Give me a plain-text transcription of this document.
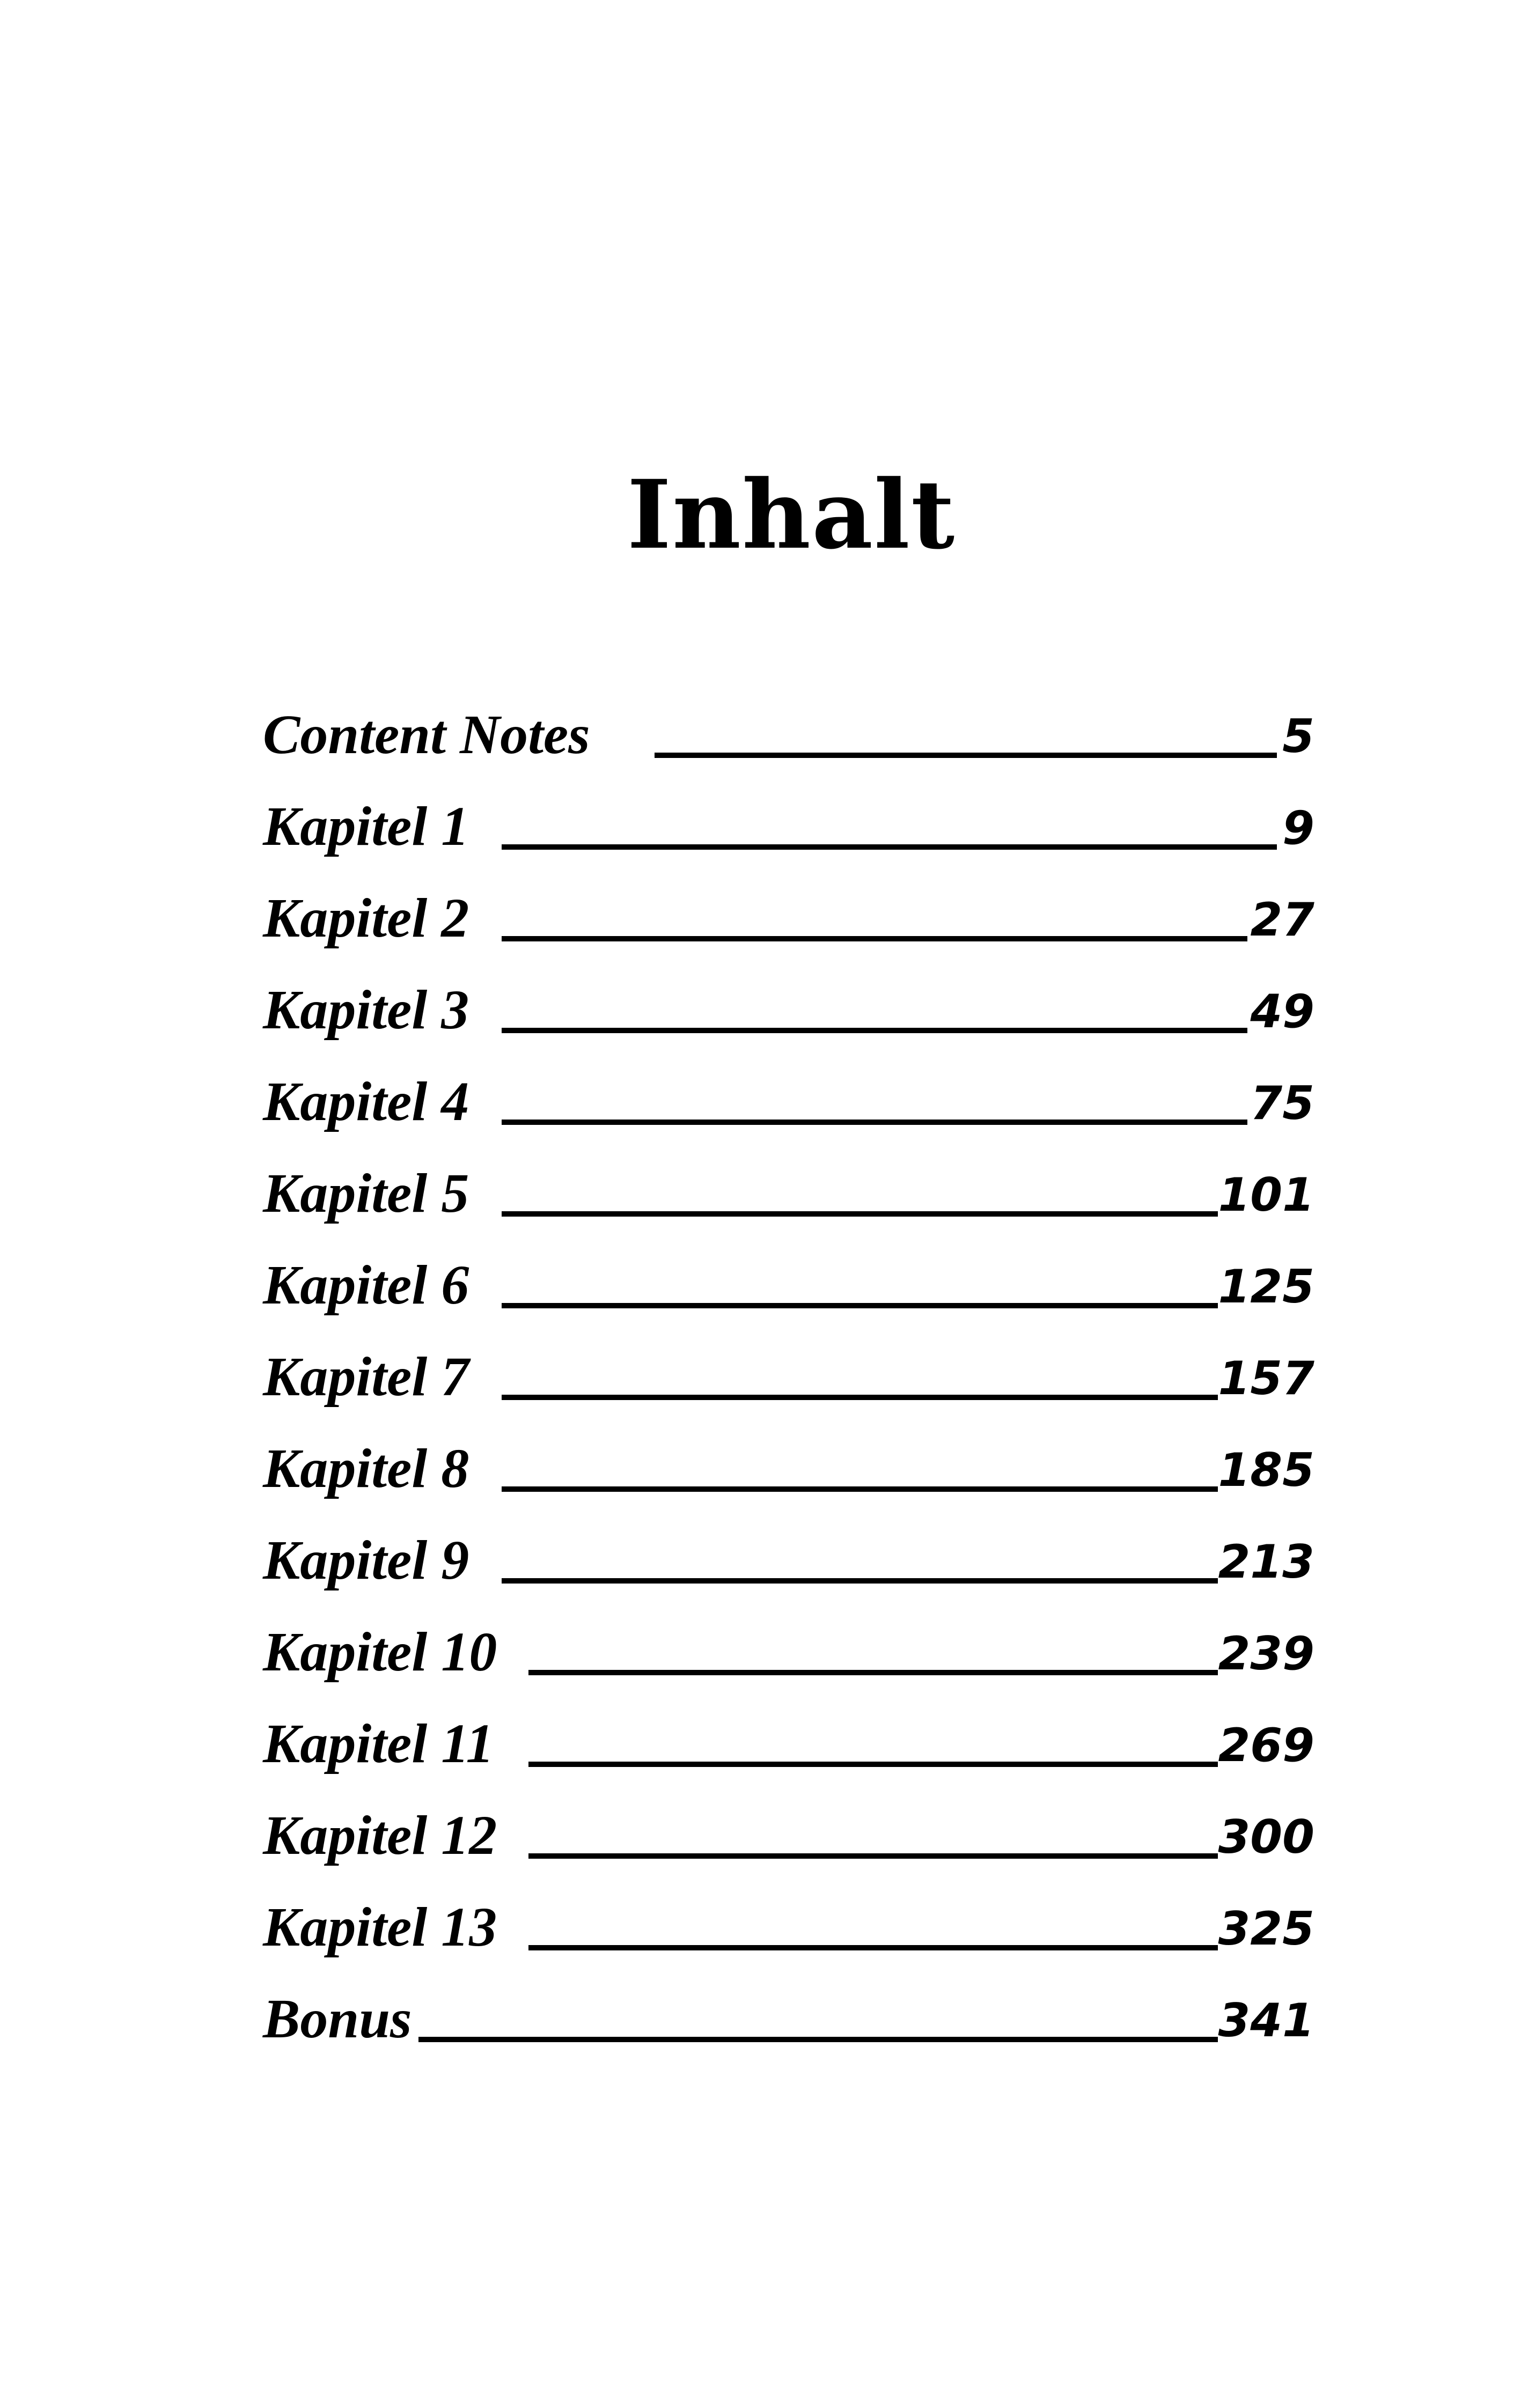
Inhalt
Content Notes	5
Kapitel 1	9
Kapitel 2	27
Kapitel 3	49
Kapitel 4	75
Kapitel 5	101
Kapitel 6	125
Kapitel 7	157
Kapitel 8	185
Kapitel 9	213
Kapitel 10	239
Kapitel 11	269
Kapitel 12	300
Kapitel 13	325
Bonus	341
